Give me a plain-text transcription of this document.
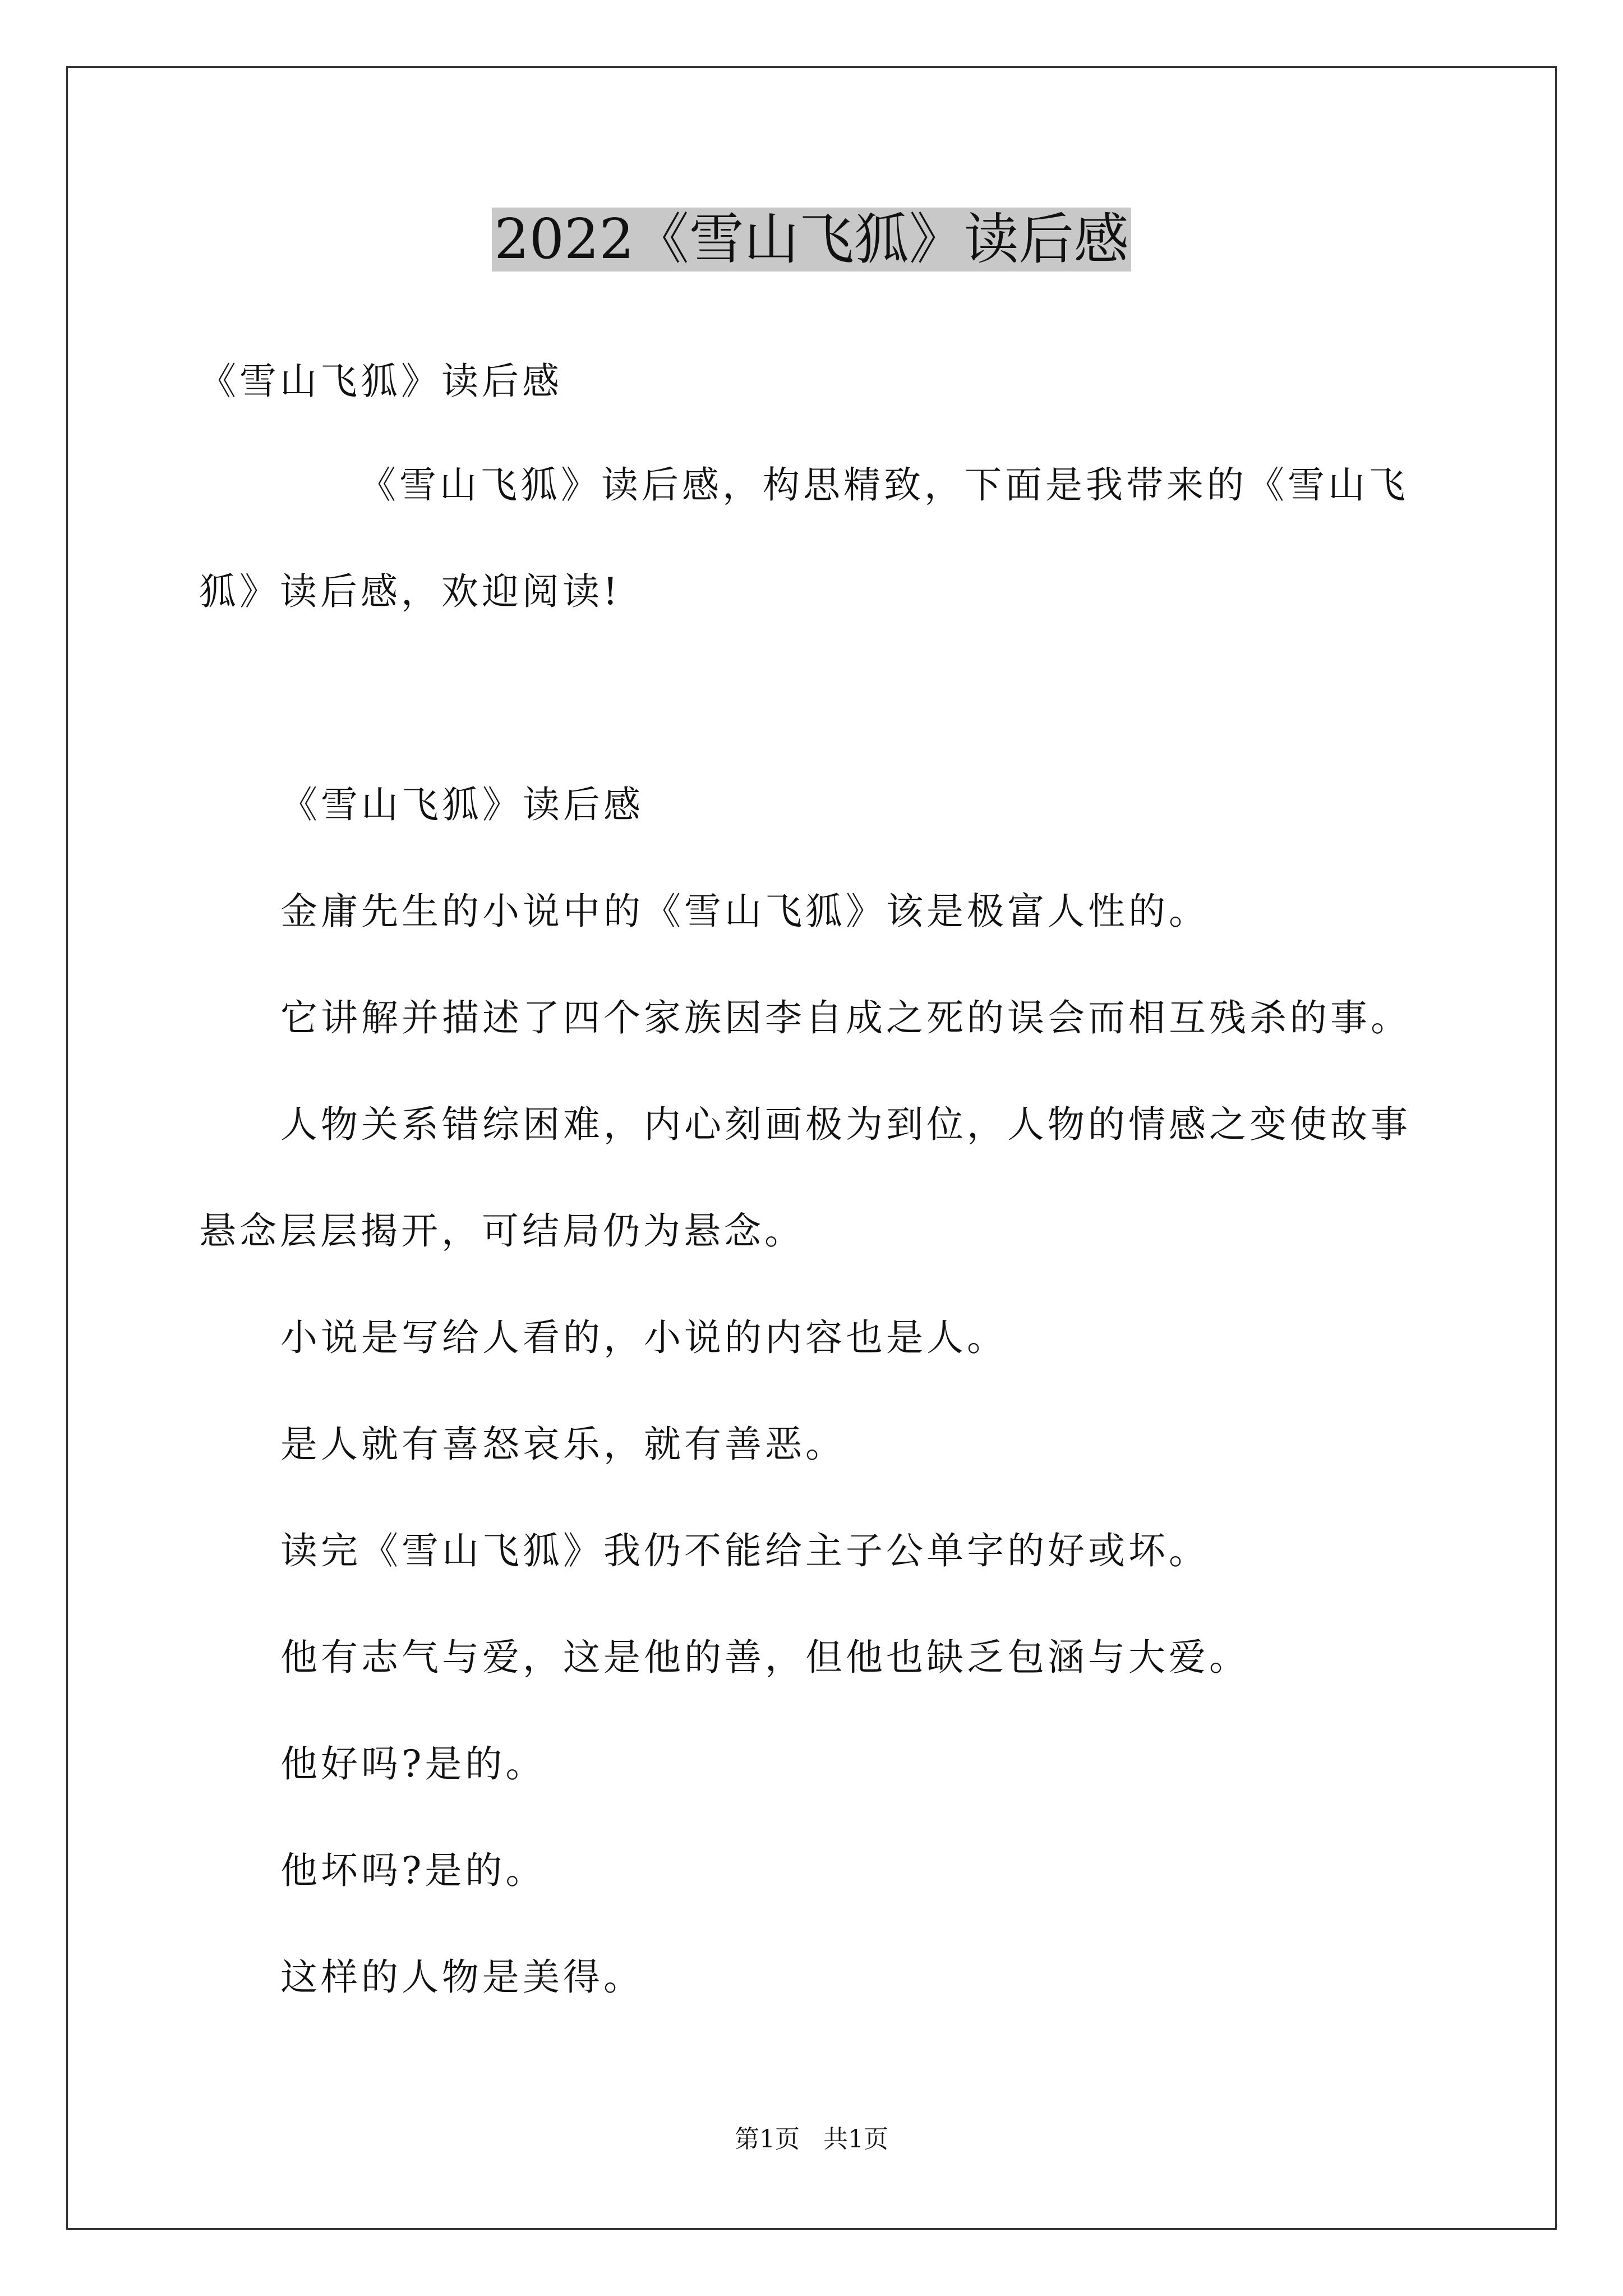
2022《雪山飞狐》读后感

《雪山飞狐》读后感

《雪山飞狐》读后感，构思精致，下面是我带来的《雪山飞

狐》读后感，欢迎阅读!

《雪山飞狐》读后感

金庸先生的小说中的《雪山飞狐》该是极富人性的。

它讲解并描述了四个家族因李自成之死的误会而相互残杀的事。

人物关系错综困难，内心刻画极为到位，人物的情感之变使故事

悬念层层揭开，可结局仍为悬念。

小说是写给人看的，小说的内容也是人。

是人就有喜怒哀乐，就有善恶。

读完《雪山飞狐》我仍不能给主子公单字的好或坏。

他有志气与爱，这是他的善，但他也缺乏包涵与大爱。

他好吗?是的。

他坏吗?是的。

这样的人物是美得。

第1页 共1页
